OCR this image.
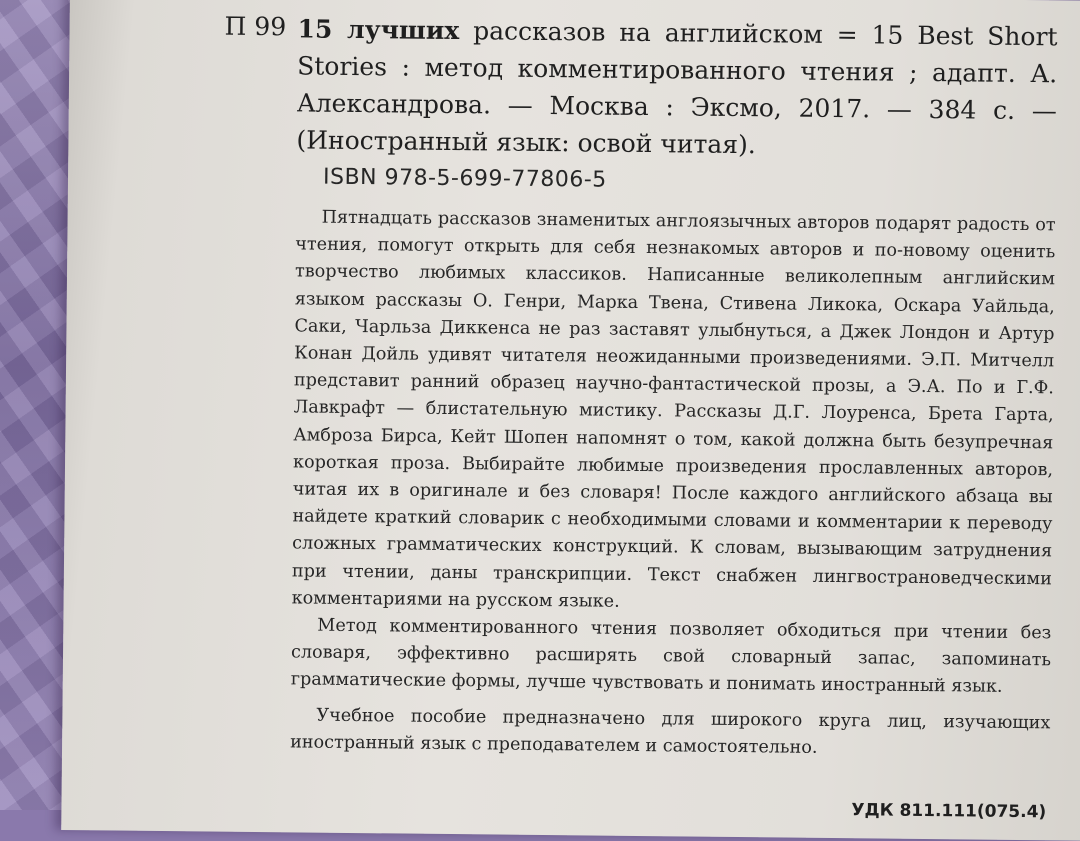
П 99 15 лучших рассказов на английском = 15 Best Short Stories : метод комментированного чтения ; адапт. А. Александрова. — Москва : Эксмо, 2017. — 384 с. — (Иностранный язык: освой читая).

ISBN 978-5-699-77806-5

Пятнадцать рассказов знаменитых англоязычных авторов подарят радость от чтения, помогут открыть для себя незнакомых авторов и по-новому оценить творчество любимых классиков. Написанные великолепным английским языком рассказы О. Генри, Марка Твена, Стивена Ликока, Оскара Уайльда, Саки, Чарльза Диккенса не раз заставят улыбнуться, а Джек Лондон и Артур Конан Дойль удивят читателя неожиданными произведениями. Э.П. Митчелл представит ранний образец научно-фантастической прозы, а Э.А. По и Г.Ф. Лавкрафт — блистательную мистику. Рассказы Д.Г. Лоуренса, Брета Гарта, Амброза Бирса, Кейт Шопен напомнят о том, какой должна быть безупречная короткая проза. Выбирайте любимые произведения прославленных авторов, читая их в оригинале и без словаря! После каждого английского абзаца вы найдете краткий словарик с необходимыми словами и комментарии к переводу сложных грамматических конструкций. К словам, вызывающим затруднения при чтении, даны транскрипции. Текст снабжен лингвострановедческими комментариями на русском языке.

Метод комментированного чтения позволяет обходиться при чтении без словаря, эффективно расширять свой словарный запас, запоминать грамматические формы, лучше чувствовать и понимать иностранный язык.

Учебное пособие предназначено для широкого круга лиц, изучающих иностранный язык с преподавателем и самостоятельно.

УДК 811.111(075.4)
